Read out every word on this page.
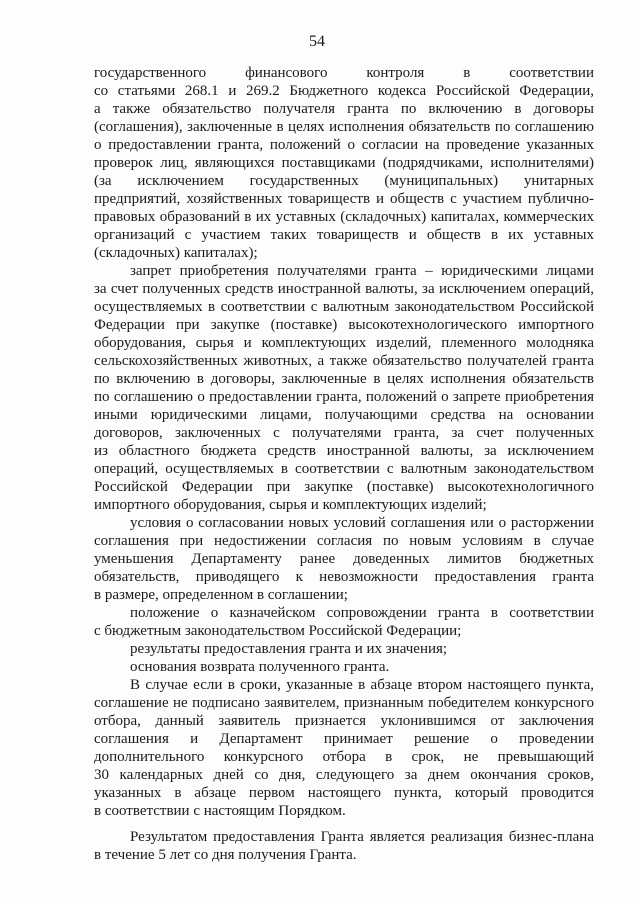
54
государственного финансового контроля в соответствии
со статьями 268.1 и 269.2 Бюджетного кодекса Российской Федерации,
а также обязательство получателя гранта по включению в договоры
(соглашения), заключенные в целях исполнения обязательств по соглашению
о предоставлении гранта, положений о согласии на проведение указанных
проверок лиц, являющихся поставщиками (подрядчиками, исполнителями)
(за исключением государственных (муниципальных) унитарных
предприятий, хозяйственных товариществ и обществ с участием публично-
правовых образований в их уставных (складочных) капиталах, коммерческих
организаций с участием таких товариществ и обществ в их уставных
(складочных) капиталах);
запрет приобретения получателями гранта – юридическими лицами
за счет полученных средств иностранной валюты, за исключением операций,
осуществляемых в соответствии с валютным законодательством Российской
Федерации при закупке (поставке) высокотехнологического импортного
оборудования, сырья и комплектующих изделий, племенного молодняка
сельскохозяйственных животных, а также обязательство получателей гранта
по включению в договоры, заключенные в целях исполнения обязательств
по соглашению о предоставлении гранта, положений о запрете приобретения
иными юридическими лицами, получающими средства на основании
договоров, заключенных с получателями гранта, за счет полученных
из областного бюджета средств иностранной валюты, за исключением
операций, осуществляемых в соответствии с валютным законодательством
Российской Федерации при закупке (поставке) высокотехнологичного
импортного оборудования, сырья и комплектующих изделий;
условия о согласовании новых условий соглашения или о расторжении
соглашения при недостижении согласия по новым условиям в случае
уменьшения Департаменту ранее доведенных лимитов бюджетных
обязательств, приводящего к невозможности предоставления гранта
в размере, определенном в соглашении;
положение о казначейском сопровождении гранта в соответствии
с бюджетным законодательством Российской Федерации;
результаты предоставления гранта и их значения;
основания возврата полученного гранта.
В случае если в сроки, указанные в абзаце втором настоящего пункта,
соглашение не подписано заявителем, признанным победителем конкурсного
отбора, данный заявитель признается уклонившимся от заключения
соглашения и Департамент принимает решение о проведении
дополнительного конкурсного отбора в срок, не превышающий
30 календарных дней со дня, следующего за днем окончания сроков,
указанных в абзаце первом настоящего пункта, который проводится
в соответствии с настоящим Порядком.
Результатом предоставления Гранта является реализация бизнес-плана
в течение 5 лет со дня получения Гранта.
